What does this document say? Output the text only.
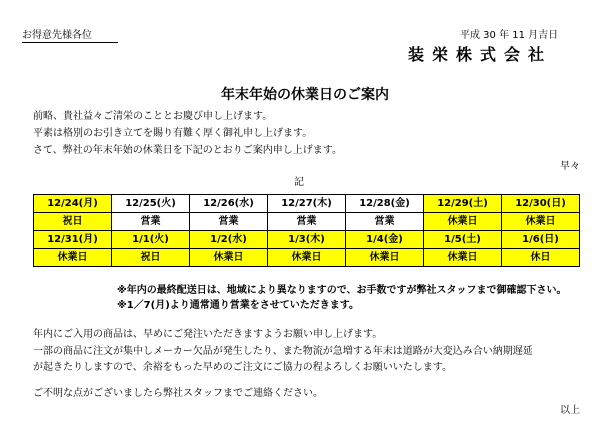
お得意先様各位	平成 30 年 11 月吉日
装栄株式会社
年末年始の休業日のご案内
前略、貴社益々ご清栄のこととお慶び申し上げます。
平素は格別のお引き立てを賜り有難く厚く御礼申し上げます。
さて、弊社の年末年始の休業日を下記のとおりご案内申し上げます。
早々
記
12/24(月)	12/25(火)	12/26(水)	12/27(木)	12/28(金)	12/29(土)	12/30(日)
祝日	営業	営業	営業	営業	休業日	休業日
12/31(月)	1/1(火)	1/2(水)	1/3(木)	1/4(金)	1/5(土)	1/6(日)
休業日	祝日	休業日	休業日	休業日	休業日	休日
※年内の最終配送日は、地域により異なりますので、お手数ですが弊社スタッフまで御確認下さい。
※1／7(月)より通常通り営業をさせていただきます。
年内にご入用の商品は、早めにご発注いただきますようお願い申し上げます。
一部の商品に注文が集中しメーカー欠品が発生したり、また物流が急増する年末は道路が大変込み合い納期遅延
が起きたりしますので、余裕をもった早めのご注文にご協力の程よろしくお願いいたします。
ご不明な点がございましたら弊社スタッフまでご連絡ください。
以上
